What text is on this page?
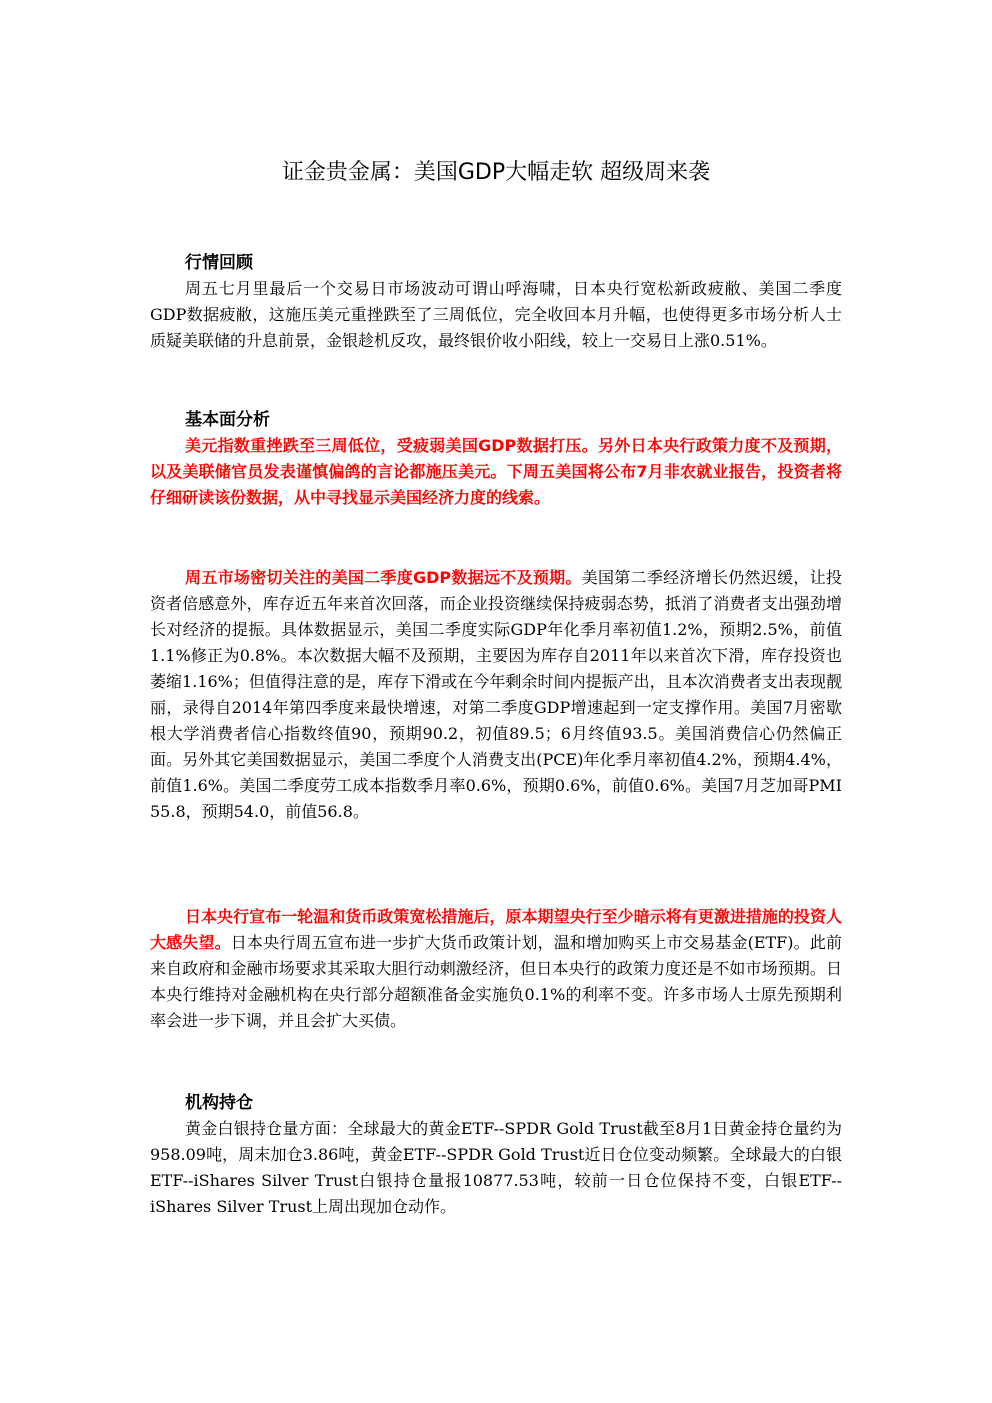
证金贵金属：美国GDP大幅走软 超级周来袭
行情回顾

周五七月里最后一个交易日市场波动可谓山呼海啸，日本央行宽松新政疲敝、美国二季度GDP数据疲敝，这施压美元重挫跌至了三周低位，完全收回本月升幅，也使得更多市场分析人士质疑美联储的升息前景，金银趁机反攻，最终银价收小阳线，较上一交易日上涨0.51%。

基本面分析

美元指数重挫跌至三周低位，受疲弱美国GDP数据打压。另外日本央行政策力度不及预期，以及美联储官员发表谨慎偏鸽的言论都施压美元。下周五美国将公布7月非农就业报告，投资者将仔细研读该份数据，从中寻找显示美国经济力度的线索。

周五市场密切关注的美国二季度GDP数据远不及预期。美国第二季经济增长仍然迟缓，让投资者倍感意外，库存近五年来首次回落，而企业投资继续保持疲弱态势，抵消了消费者支出强劲增长对经济的提振。具体数据显示，美国二季度实际GDP年化季月率初值1.2%，预期2.5%，前值1.1%修正为0.8%。本次数据大幅不及预期，主要因为库存自2011年以来首次下滑，库存投资也萎缩1.16%；但值得注意的是，库存下滑或在今年剩余时间内提振产出，且本次消费者支出表现靓丽，录得自2014年第四季度来最快增速，对第二季度GDP增速起到一定支撑作用。美国7月密歇根大学消费者信心指数终值90，预期90.2，初值89.5；6月终值93.5。美国消费信心仍然偏正面。另外其它美国数据显示，美国二季度个人消费支出(PCE)年化季月率初值4.2%，预期4.4%，前值1.6%。美国二季度劳工成本指数季月率0.6%，预期0.6%，前值0.6%。美国7月芝加哥PMI 55.8，预期54.0，前值56.8。

日本央行宣布一轮温和货币政策宽松措施后，原本期望央行至少暗示将有更激进措施的投资人大感失望。日本央行周五宣布进一步扩大货币政策计划，温和增加购买上市交易基金(ETF)。此前来自政府和金融市场要求其采取大胆行动刺激经济，但日本央行的政策力度还是不如市场预期。日本央行维持对金融机构在央行部分超额准备金实施负0.1%的利率不变。许多市场人士原先预期利率会进一步下调，并且会扩大买债。

机构持仓

黄金白银持仓量方面：全球最大的黄金ETF--SPDR Gold Trust截至8月1日黄金持仓量约为958.09吨，周末加仓3.86吨，黄金ETF--SPDR Gold Trust近日仓位变动频繁。全球最大的白银ETF--iShares Silver Trust白银持仓量报10877.53吨，较前一日仓位保持不变，白银ETF--iShares Silver Trust上周出现加仓动作。
